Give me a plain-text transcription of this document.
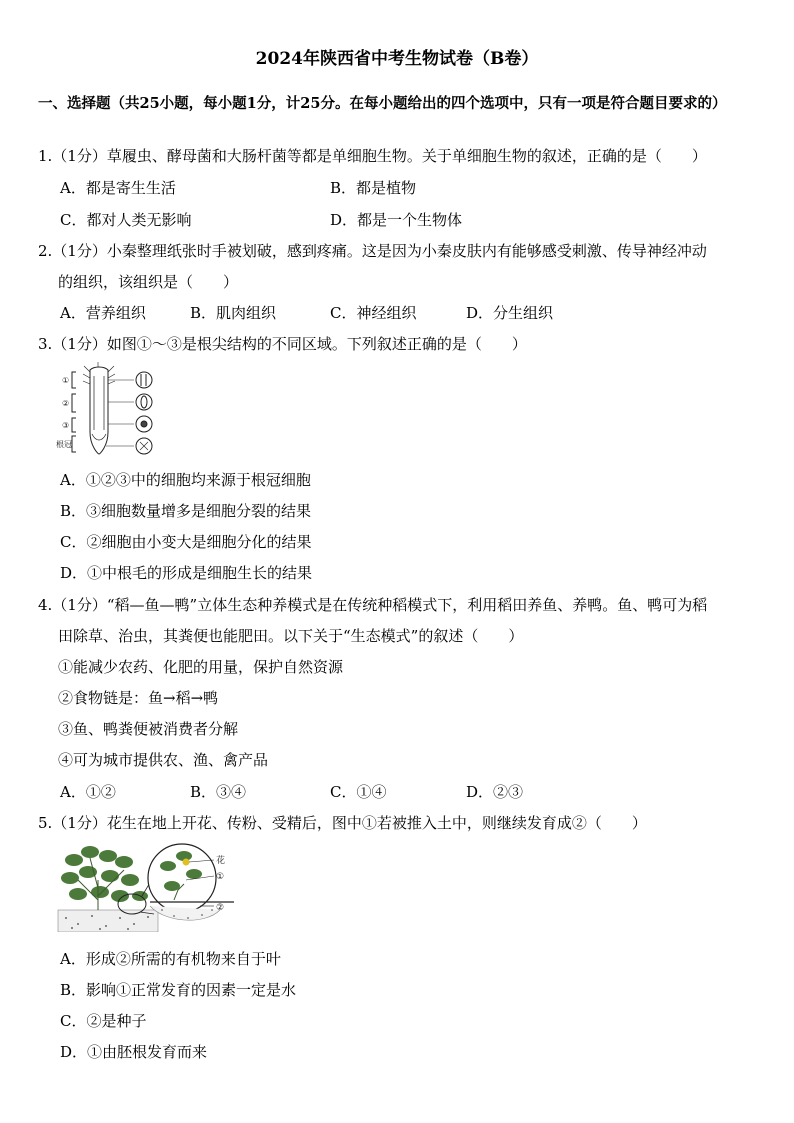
2024年陕西省中考生物试卷（B卷）

一、选择题（共25小题，每小题1分，计25分。在每小题给出的四个选项中，只有一项是符合题目要求的）

1.（1分）草履虫、酵母菌和大肠杆菌等都是单细胞生物。关于单细胞生物的叙述，正确的是（　　）
A．都是寄生生活	B．都是植物
C．都对人类无影响	D．都是一个生物体
2.（1分）小秦整理纸张时手被划破，感到疼痛。这是因为小秦皮肤内有能够感受刺激、传导神经冲动
的组织，该组织是（　　）
A．营养组织	B．肌肉组织	C．神经组织	D．分生组织
3.（1分）如图①～③是根尖结构的不同区域。下列叙述正确的是（　　）
①
②
③
根冠
A．①②③中的细胞均来源于根冠细胞
B．③细胞数量增多是细胞分裂的结果
C．②细胞由小变大是细胞分化的结果
D．①中根毛的形成是细胞生长的结果
4.（1分）“稻—鱼—鸭”立体生态种养模式是在传统种稻模式下，利用稻田养鱼、养鸭。鱼、鸭可为稻
田除草、治虫，其粪便也能肥田。以下关于“生态模式”的叙述（　　）
①能减少农药、化肥的用量，保护自然资源
②食物链是：鱼→稻→鸭
③鱼、鸭粪便被消费者分解
④可为城市提供农、渔、禽产品
A．①②	B．③④	C．①④	D．②③
5.（1分）花生在地上开花、传粉、受精后，图中①若被推入土中，则继续发育成②（　　）
花
①
②
A．形成②所需的有机物来自于叶
B．影响①正常发育的因素一定是水
C．②是种子
D．①由胚根发育而来
